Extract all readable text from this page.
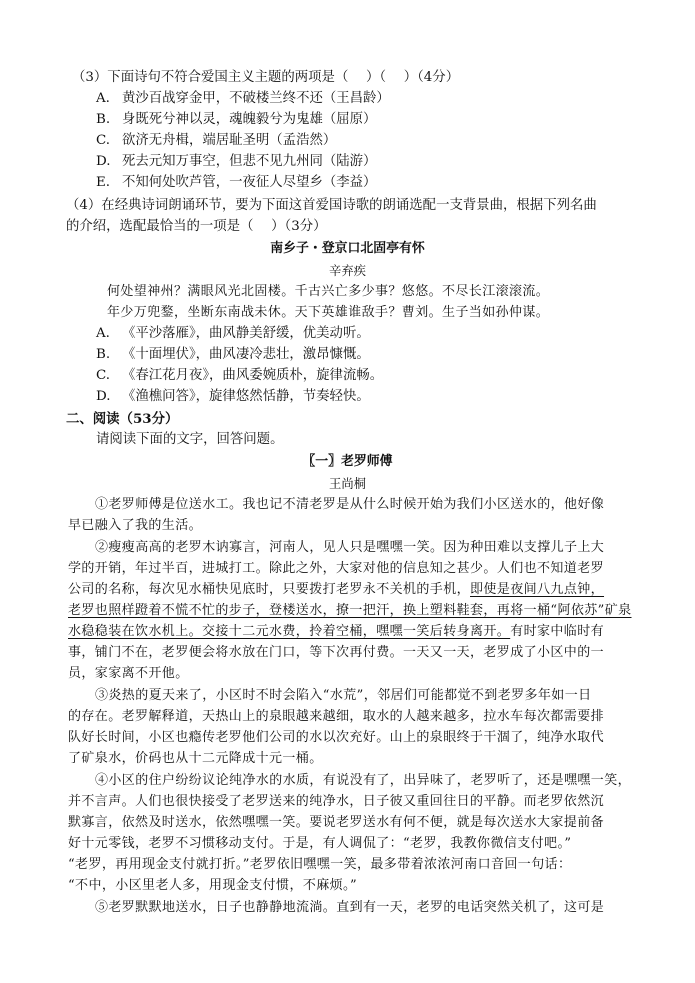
（3）下面诗句不符合爱国主义主题的两项是（　 ）（　 ）（4分）
A. 黄沙百战穿金甲，不破楼兰终不还（王昌龄）
B. 身既死兮神以灵，魂魄毅兮为鬼雄（屈原）
C. 欲济无舟楫，端居耻圣明（孟浩然）
D. 死去元知万事空，但悲不见九州同（陆游）
E. 不知何处吹芦管，一夜征人尽望乡（李益）
（4）在经典诗词朗诵环节，要为下面这首爱国诗歌的朗诵选配一支背景曲，根据下列名曲
的介绍，选配最恰当的一项是（　 ）（3分）
南乡子・登京口北固亭有怀
辛弃疾
何处望神州？满眼风光北固楼。千古兴亡多少事？悠悠。不尽长江滚滚流。
年少万兜鍪，坐断东南战未休。天下英雄谁敌手？曹刘。生子当如孙仲谋。
A. 《平沙落雁》，曲风静美舒缓，优美动听。
B. 《十面埋伏》，曲风凄冷悲壮，激昂慷慨。
C. 《春江花月夜》，曲风委婉质朴，旋律流畅。
D. 《渔樵问答》，旋律悠然恬静，节奏轻快。
二、阅读（53分）
请阅读下面的文字，回答问题。
〖一〗老罗师傅
王尚桐
①老罗师傅是位送水工。我也记不清老罗是从什么时候开始为我们小区送水的，他好像
早已融入了我的生活。
②瘦瘦高高的老罗木讷寡言，河南人，见人只是嘿嘿一笑。因为种田难以支撑儿子上大
学的开销，年过半百，进城打工。除此之外，大家对他的信息知之甚少。人们也不知道老罗
公司的名称，每次见水桶快见底时，只要拨打老罗永不关机的手机，即使是夜间八九点钟，
老罗也照样蹬着不慌不忙的步子，登楼送水，撩一把汗，换上塑料鞋套，再将一桶“阿依苏”矿泉
水稳稳装在饮水机上。交接十二元水费，拎着空桶，嘿嘿一笑后转身离开。有时家中临时有
事，铺门不在，老罗便会将水放在门口，等下次再付费。一天又一天，老罗成了小区中的一
员，家家离不开他。
③炎热的夏天来了，小区时不时会陷入“水荒”，邻居们可能都觉不到老罗多年如一日
的存在。老罗解释道，天热山上的泉眼越来越细，取水的人越来越多，拉水车每次都需要排
队好长时间，小区也瘾传老罗他们公司的水以次充好。山上的泉眼终于干涸了，纯净水取代
了矿泉水，价码也从十二元降成十元一桶。
④小区的住户纷纷议论纯净水的水质，有说没有了，出异味了，老罗听了，还是嘿嘿一笑，
并不言声。人们也很快接受了老罗送来的纯净水，日子彼又重回往日的平静。而老罗依然沉
默寡言，依然及时送水，依然嘿嘿一笑。要说老罗送水有何不便，就是每次送水大家提前备
好十元零钱，老罗不习惯移动支付。于是，有人调侃了：“老罗，我教你微信支付吧。”
“老罗，再用现金支付就打折。”老罗依旧嘿嘿一笑，最多带着浓浓河南口音回一句话：
“不中，小区里老人多，用现金支付惯，不麻烦。”
⑤老罗默默地送水，日子也静静地流淌。直到有一天，老罗的电话突然关机了，这可是
